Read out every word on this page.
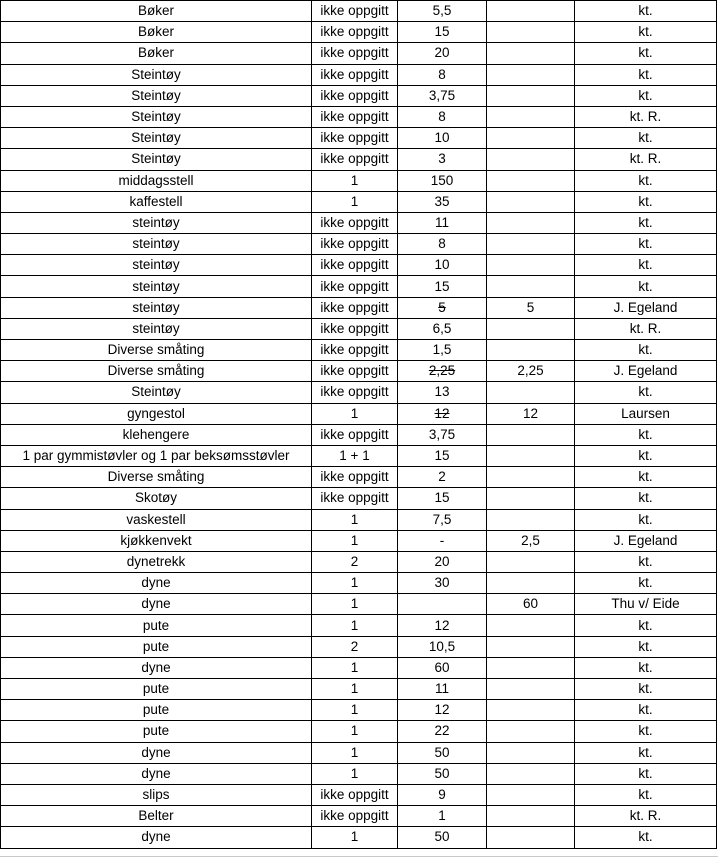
Bøker	ikke oppgitt	5,5		kt.
Bøker	ikke oppgitt	15		kt.
Bøker	ikke oppgitt	20		kt.
Steintøy	ikke oppgitt	8		kt.
Steintøy	ikke oppgitt	3,75		kt.
Steintøy	ikke oppgitt	8		kt. R.
Steintøy	ikke oppgitt	10		kt.
Steintøy	ikke oppgitt	3		kt. R.
middagsstell	1	150		kt.
kaffestell	1	35		kt.
steintøy	ikke oppgitt	11		kt.
steintøy	ikke oppgitt	8		kt.
steintøy	ikke oppgitt	10		kt.
steintøy	ikke oppgitt	15		kt.
steintøy	ikke oppgitt	5	5	J. Egeland
steintøy	ikke oppgitt	6,5		kt. R.
Diverse småting	ikke oppgitt	1,5		kt.
Diverse småting	ikke oppgitt	2,25	2,25	J. Egeland
Steintøy	ikke oppgitt	13		kt.
gyngestol	1	12	12	Laursen
klehengere	ikke oppgitt	3,75		kt.
1 par gymmistøvler og 1 par beksømsstøvler	1 + 1	15		kt.
Diverse småting	ikke oppgitt	2		kt.
Skotøy	ikke oppgitt	15		kt.
vaskestell	1	7,5		kt.
kjøkkenvekt	1	-	2,5	J. Egeland
dynetrekk	2	20		kt.
dyne	1	30		kt.
dyne	1		60	Thu v/ Eide
pute	1	12		kt.
pute	2	10,5		kt.
dyne	1	60		kt.
pute	1	11		kt.
pute	1	12		kt.
pute	1	22		kt.
dyne	1	50		kt.
dyne	1	50		kt.
slips	ikke oppgitt	9		kt.
Belter	ikke oppgitt	1		kt. R.
dyne	1	50		kt.
